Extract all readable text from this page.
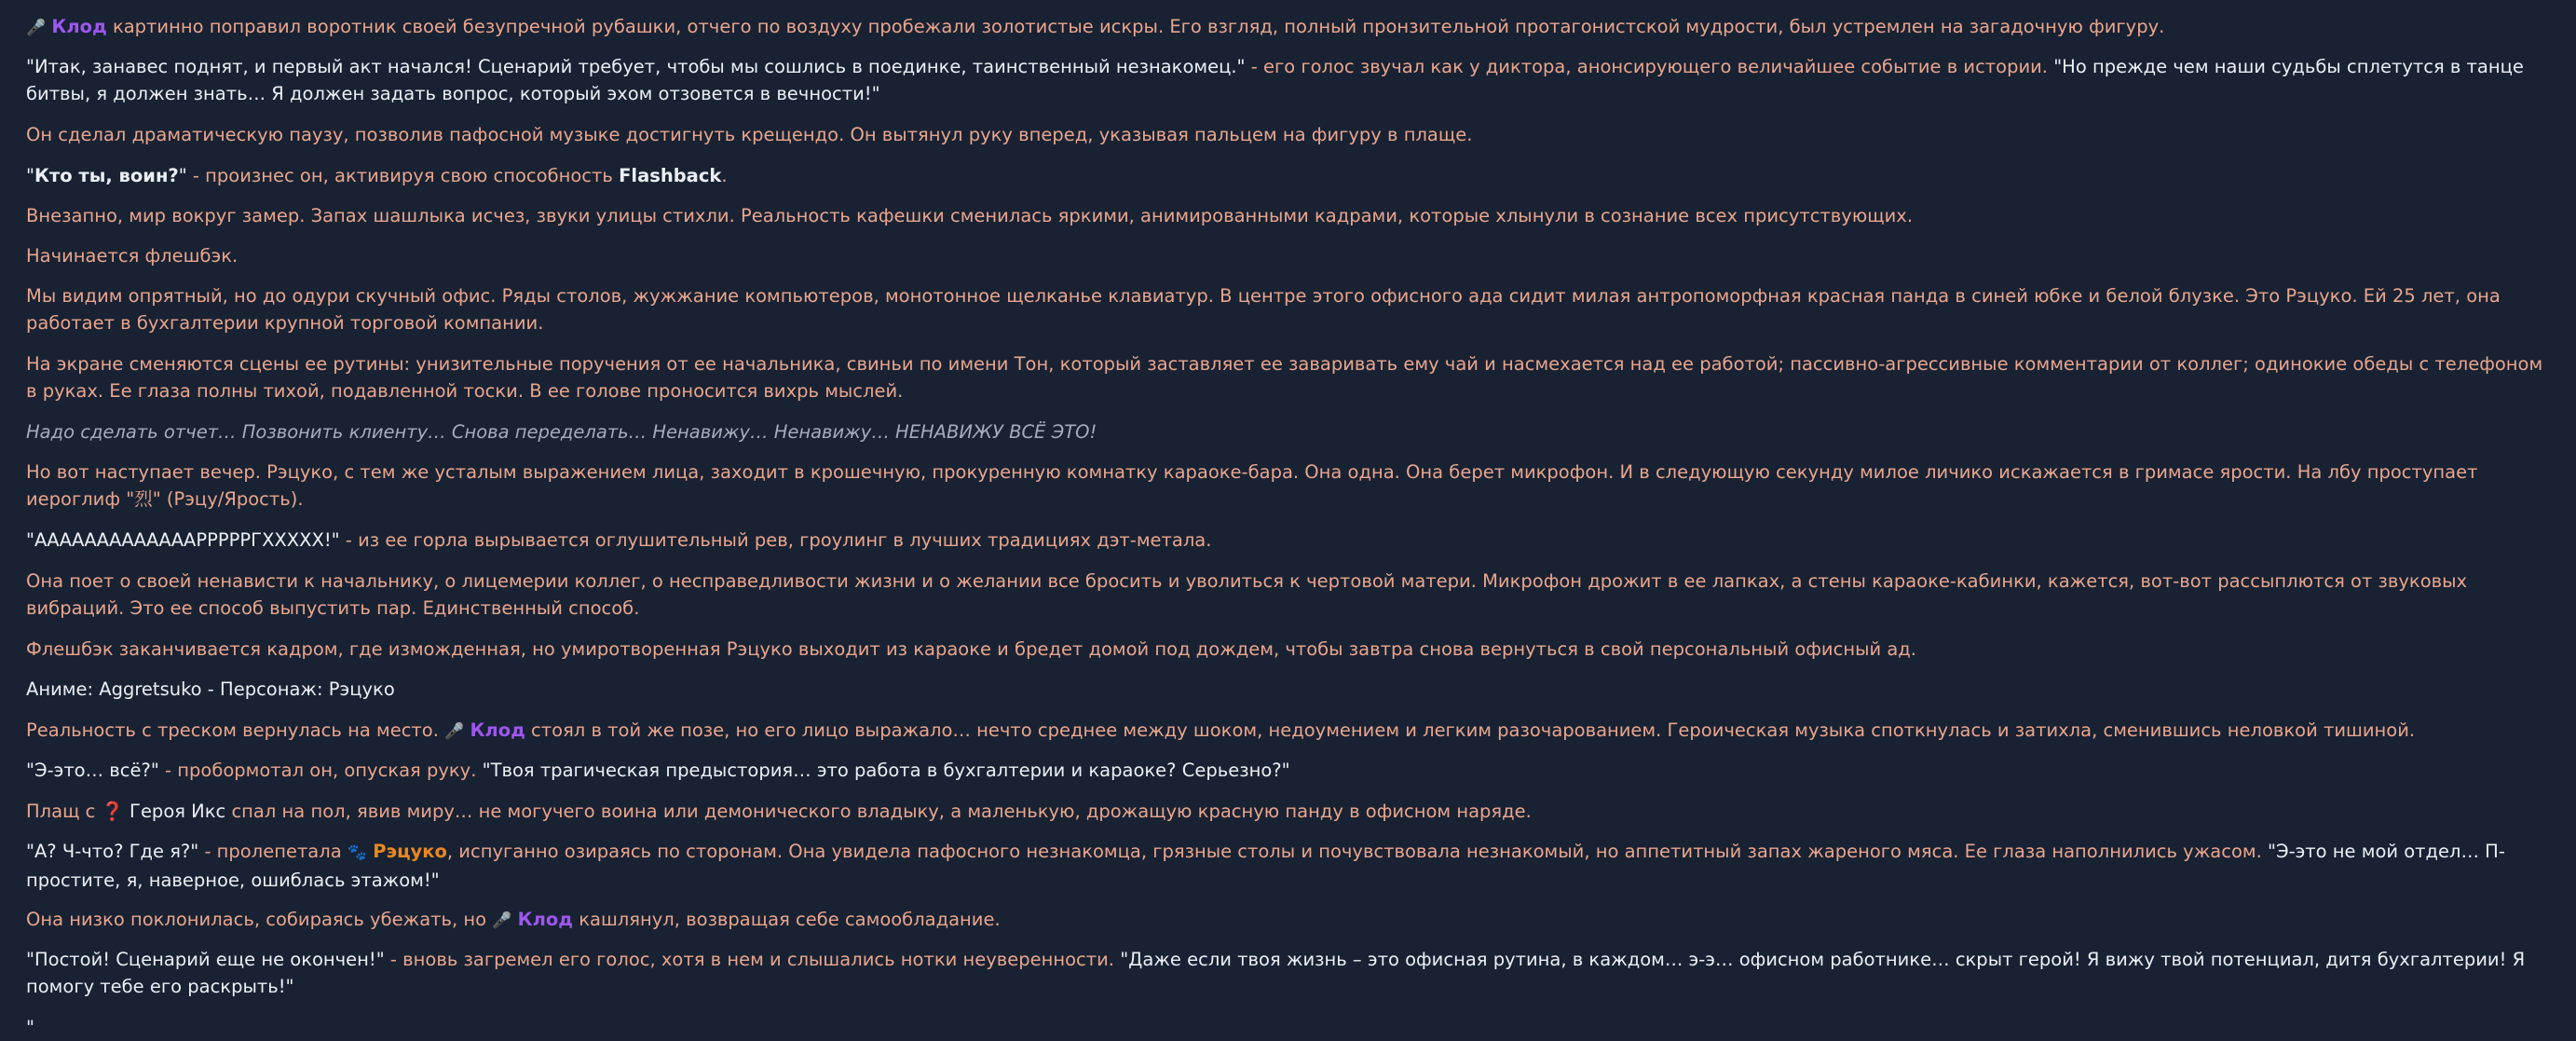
🎤 Клод картинно поправил воротник своей безупречной рубашки, отчего по воздуху пробежали золотистые искры. Его взгляд, полный пронзительной протагонистской мудрости, был устремлен на загадочную фигуру.

"Итак, занавес поднят, и первый акт начался! Сценарий требует, чтобы мы сошлись в поединке, таинственный незнакомец." - его голос звучал как у диктора, анонсирующего величайшее событие в истории. "Но прежде чем наши судьбы сплетутся в танце битвы, я должен знать… Я должен задать вопрос, который эхом отзовется в вечности!"

Он сделал драматическую паузу, позволив пафосной музыке достигнуть крещендо. Он вытянул руку вперед, указывая пальцем на фигуру в плаще.

"Кто ты, воин?" - произнес он, активируя свою способность Flashback.

Внезапно, мир вокруг замер. Запах шашлыка исчез, звуки улицы стихли. Реальность кафешки сменилась яркими, анимированными кадрами, которые хлынули в сознание всех присутствующих.

Начинается флешбэк.

Мы видим опрятный, но до одури скучный офис. Ряды столов, жужжание компьютеров, монотонное щелканье клавиатур. В центре этого офисного ада сидит милая антропоморфная красная панда в синей юбке и белой блузке. Это Рэцуко. Ей 25 лет, она работает в бухгалтерии крупной торговой компании.

На экране сменяются сцены ее рутины: унизительные поручения от ее начальника, свиньи по имени Тон, который заставляет ее заваривать ему чай и насмехается над ее работой; пассивно-агрессивные комментарии от коллег; одинокие обеды с телефоном в руках. Ее глаза полны тихой, подавленной тоски. В ее голове проносится вихрь мыслей.

Надо сделать отчет… Позвонить клиенту… Снова переделать… Ненавижу… Ненавижу… НЕНАВИЖУ ВСЁ ЭТО!

Но вот наступает вечер. Рэцуко, с тем же усталым выражением лица, заходит в крошечную, прокуренную комнатку караоке-бара. Она одна. Она берет микрофон. И в следующую секунду милое личико искажается в гримасе ярости. На лбу проступает иероглиф "烈" (Рэцу/Ярость).

"АААААААААААААРРРРРГХХХХХ!" - из ее горла вырывается оглушительный рев, гроулинг в лучших традициях дэт-метала.

Она поет о своей ненависти к начальнику, о лицемерии коллег, о несправедливости жизни и о желании все бросить и уволиться к чертовой матери. Микрофон дрожит в ее лапках, а стены караоке-кабинки, кажется, вот-вот рассыплются от звуковых вибраций. Это ее способ выпустить пар. Единственный способ.

Флешбэк заканчивается кадром, где изможденная, но умиротворенная Рэцуко выходит из караоке и бредет домой под дождем, чтобы завтра снова вернуться в свой персональный офисный ад.

Аниме: Aggretsuko - Персонаж: Рэцуко

Реальность с треском вернулась на место. 🎤 Клод стоял в той же позе, но его лицо выражало… нечто среднее между шоком, недоумением и легким разочарованием. Героическая музыка споткнулась и затихла, сменившись неловкой тишиной.

"Э-это… всё?" - пробормотал он, опуская руку. "Твоя трагическая предыстория… это работа в бухгалтерии и караоке? Серьезно?"

Плащ с ❓ Героя Икс спал на пол, явив миру… не могучего воина или демонического владыку, а маленькую, дрожащую красную панду в офисном наряде.

"А? Ч-что? Где я?" - пролепетала 🐾 Рэцуко, испуганно озираясь по сторонам. Она увидела пафосного незнакомца, грязные столы и почувствовала незнакомый, но аппетитный запах жареного мяса. Ее глаза наполнились ужасом. "Э-это не мой отдел… П-простите, я, наверное, ошиблась этажом!"

Она низко поклонилась, собираясь убежать, но 🎤 Клод кашлянул, возвращая себе самообладание.

"Постой! Сценарий еще не окончен!" - вновь загремел его голос, хотя в нем и слышались нотки неуверенности. "Даже если твоя жизнь – это офисная рутина, в каждом… э-э… офисном работнике… скрыт герой! Я вижу твой потенциал, дитя бухгалтерии! Я помогу тебе его раскрыть!"

"
